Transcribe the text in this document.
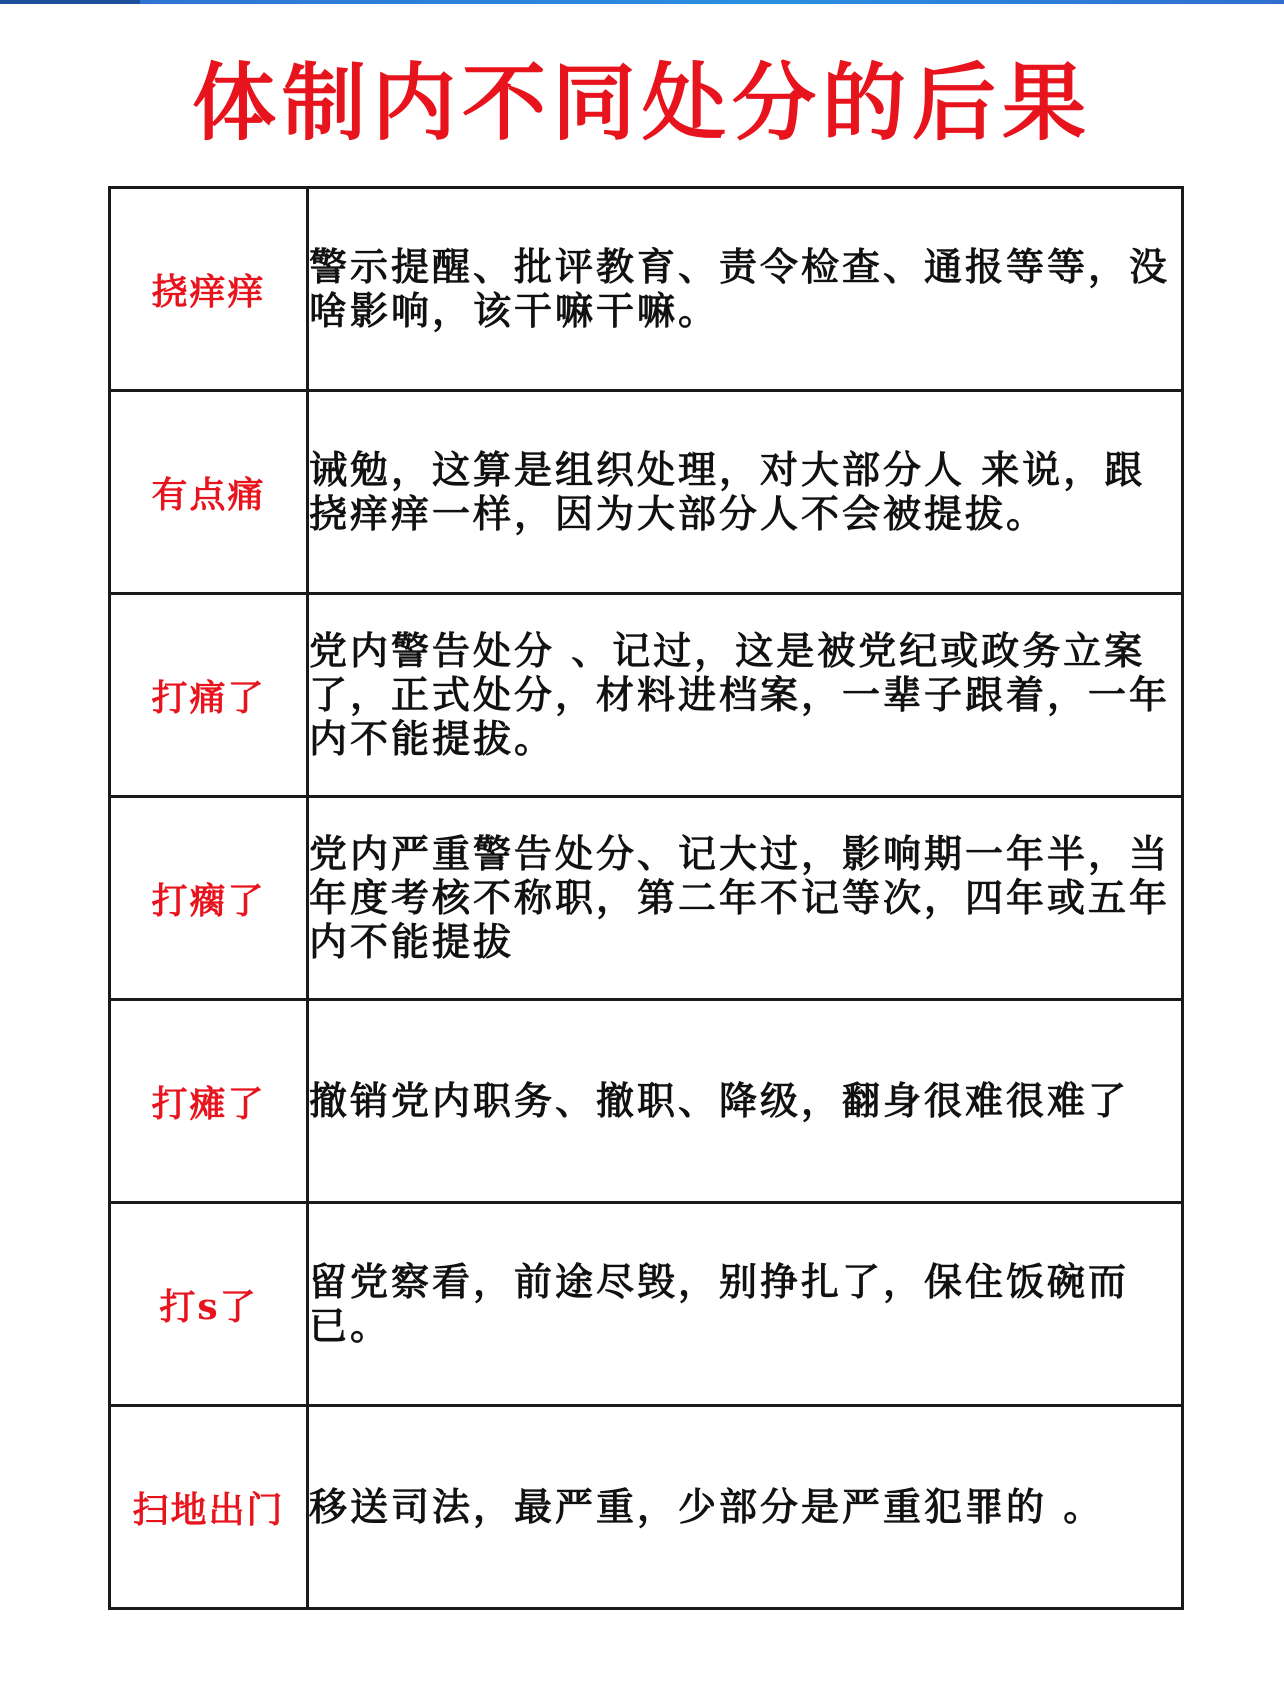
体制内不同处分的后果
挠痒痒	警示提醒、批评教育、责令检查、通报等等，没啥影响，该干嘛干嘛。
有点痛	诫勉，这算是组织处理，对大部分人 来说，跟挠痒痒一样，因为大部分人不会被提拔。
打痛了	党内警告处分 、记过，这是被党纪或政务立案了，正式处分，材料进档案，一辈子跟着，一年内不能提拔。
打瘸了	党内严重警告处分、记大过，影响期一年半，当年度考核不称职，第二年不记等次，四年或五年内不能提拔
打瘫了	撤销党内职务、撤职、降级，翻身很难很难了
打s了	留党察看，前途尽毁，别挣扎了，保住饭碗而已。
扫地出门	移送司法，最严重，少部分是严重犯罪的 。
